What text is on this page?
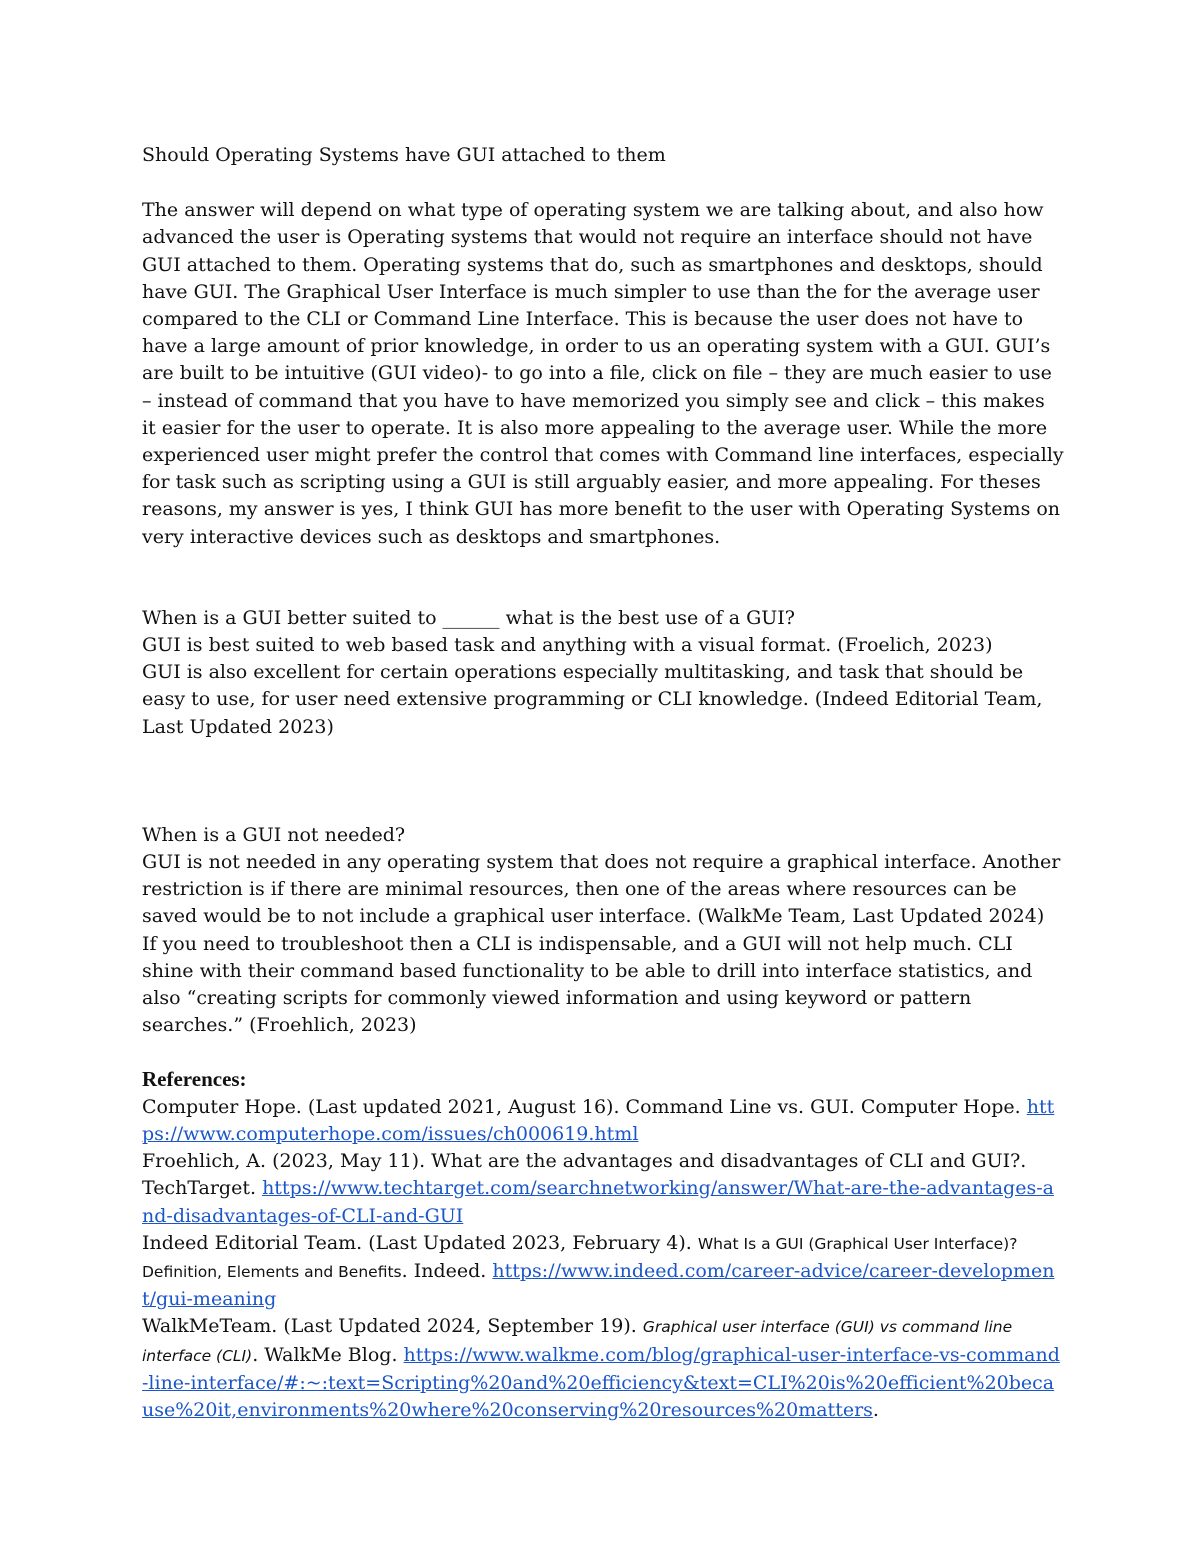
Should Operating Systems have GUI attached to them

The answer will depend on what type of operating system we are talking about, and also how advanced the user is Operating systems that would not require an interface should not have GUI attached to them. Operating systems that do, such as smartphones and desktops, should have GUI. The Graphical User Interface is much simpler to use than the for the average user compared to the CLI or Command Line Interface. This is because the user does not have to have a large amount of prior knowledge, in order to us an operating system with a GUI. GUI’s are built to be intuitive (GUI video)- to go into a file, click on file – they are much easier to use – instead of command that you have to have memorized you simply see and click – this makes it easier for the user to operate. It is also more appealing to the average user. While the more experienced user might prefer the control that comes with Command line interfaces, especially for task such as scripting using a GUI is still arguably easier, and more appealing. For theses reasons, my answer is yes, I think GUI has more benefit to the user with Operating Systems on very interactive devices such as desktops and smartphones.

When is a GUI better suited to ______ what is the best use of a GUI?

GUI is best suited to web based task and anything with a visual format. (Froelich, 2023)

GUI is also excellent for certain operations especially multitasking, and task that should be easy to use, for user need extensive programming or CLI knowledge. (Indeed Editorial Team, Last Updated 2023)

When is a GUI not needed?

GUI is not needed in any operating system that does not require a graphical interface. Another restriction is if there are minimal resources, then one of the areas where resources can be saved would be to not include a graphical user interface. (WalkMe Team, Last Updated 2024) If you need to troubleshoot then a CLI is indispensable, and a GUI will not help much. CLI shine with their command based functionality to be able to drill into interface statistics, and also “creating scripts for commonly viewed information and using keyword or pattern searches.” (Froehlich, 2023)

References:

Computer Hope. (Last updated 2021, August 16). Command Line vs. GUI. Computer Hope. https://www.computerhope.com/issues/ch000619.html

Froehlich, A. (2023, May 11). What are the advantages and disadvantages of CLI and GUI?. TechTarget. https://www.techtarget.com/searchnetworking/answer/What-are-the-advantages-and-disadvantages-of-CLI-and-GUI

Indeed Editorial Team. (Last Updated 2023, February 4). What Is a GUI (Graphical User Interface)? Definition, Elements and Benefits. Indeed. https://www.indeed.com/career-advice/career-development/gui-meaning

WalkMeTeam. (Last Updated 2024, September 19). Graphical user interface (GUI) vs command line interface (CLI). WalkMe Blog. https://www.walkme.com/blog/graphical-user-interface-vs-command-line-interface/#:~:text=Scripting%20and%20efficiency&text=CLI%20is%20efficient%20because%20it,environments%20where%20conserving%20resources%20matters.
